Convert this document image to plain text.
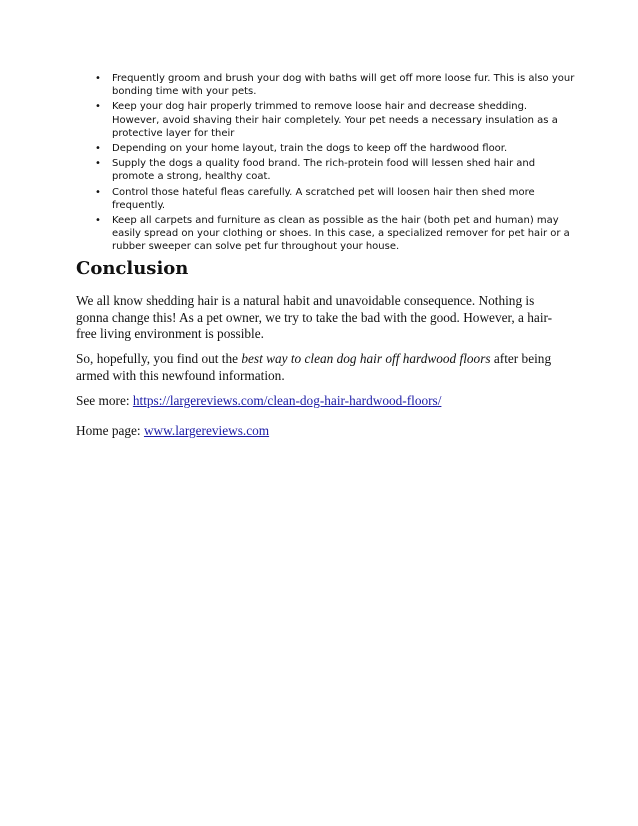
• Frequently groom and brush your dog with baths will get off more loose fur. This is also your bonding time with your pets.
• Keep your dog hair properly trimmed to remove loose hair and decrease shedding. However, avoid shaving their hair completely. Your pet needs a necessary insulation as a protective layer for their
• Depending on your home layout, train the dogs to keep off the hardwood floor.
• Supply the dogs a quality food brand. The rich-protein food will lessen shed hair and promote a strong, healthy coat.
• Control those hateful fleas carefully. A scratched pet will loosen hair then shed more frequently.
• Keep all carpets and furniture as clean as possible as the hair (both pet and human) may easily spread on your clothing or shoes. In this case, a specialized remover for pet hair or a rubber sweeper can solve pet fur throughout your house.
Conclusion

We all know shedding hair is a natural habit and unavoidable consequence. Nothing is gonna change this! As a pet owner, we try to take the bad with the good. However, a hair-free living environment is possible.

So, hopefully, you find out the best way to clean dog hair off hardwood floors after being armed with this newfound information.

See more: https://largereviews.com/clean-dog-hair-hardwood-floors/

Home page: www.largereviews.com
